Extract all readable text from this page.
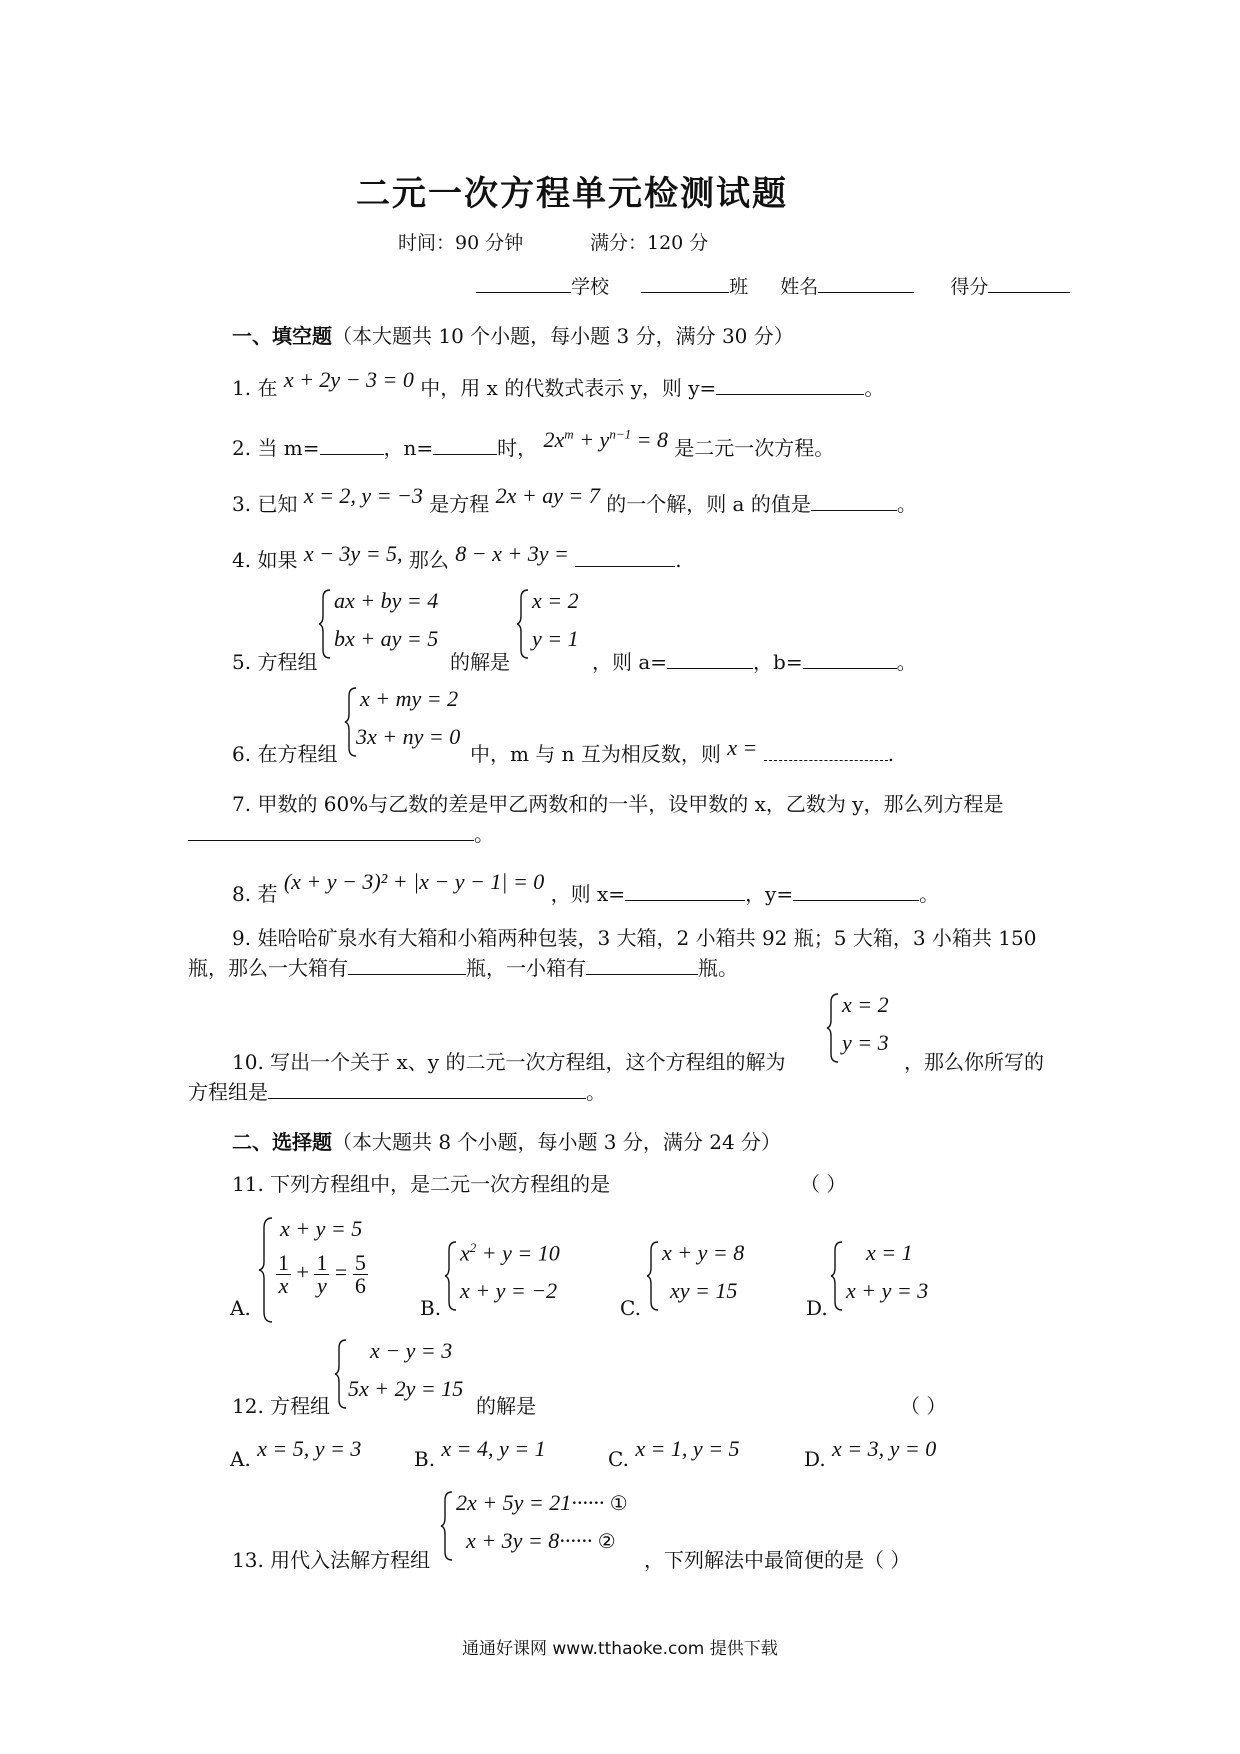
二元一次方程单元检测试题
时间：90 分钟	满分：120 分
学校	班 姓名	得分
一、填空题（本大题共 10 个小题，每小题 3 分，满分 30 分）
1. 在 x + 2y − 3 = 0 中，用 x 的代数式表示 y，则 y=	。
2. 当 m=	，n=	时， $2x^m + y^{n-1} = 8$ 是二元一次方程。
3. 已知 x = 2, y = −3 是方程 2x + ay = 7 的一个解，则 a 的值是	。
4. 如果 x − 3y = 5, 那么 8 − x + 3y =	.
5. 方程组
ax + by = 4
bx + ay = 5
的解是
x = 2
y = 1
，则 a=	，b=	。
6. 在方程组
x + my = 2
3x + ny = 0
中，m 与 n 互为相反数，则 x =	.
7. 甲数的 60%与乙数的差是甲乙两数和的一半，设甲数的 x，乙数为 y，那么列方程是
。
8. 若 (x + y − 3)² + |x − y − 1| = 0 ，则 x=	，y=	。
9. 娃哈哈矿泉水有大箱和小箱两种包装，3 大箱，2 小箱共 92 瓶；5 大箱，3 小箱共 150
瓶，那么一大箱有	瓶，一小箱有	瓶。
x = 2
y = 3
10. 写出一个关于 x、y 的二元一次方程组，这个方程组的解为	，那么你所写的
方程组是	。
二、选择题（本大题共 8 个小题，每小题 3 分，满分 24 分）
11. 下列方程组中，是二元一次方程组的是	（ ）
A.
x + y = 5
$\frac{1}{x} + \frac{1}{y} = \frac{5}{6}$
B.
$x^2 + y = 10$
x + y = −2
C.
x + y = 8
xy = 15
D.
x = 1
x + y = 3
12. 方程组
x − y = 3
5x + 2y = 15
的解是	（ ）
A. x = 5, y = 3	B. x = 4, y = 1	C. x = 1, y = 5	D. x = 3, y = 0
13. 用代入法解方程组
2x + 5y = 21······ ①
x + 3y = 8······ ②
，下列解法中最简便的是（ ）
通通好课网 www.tthaoke.com 提供下载
